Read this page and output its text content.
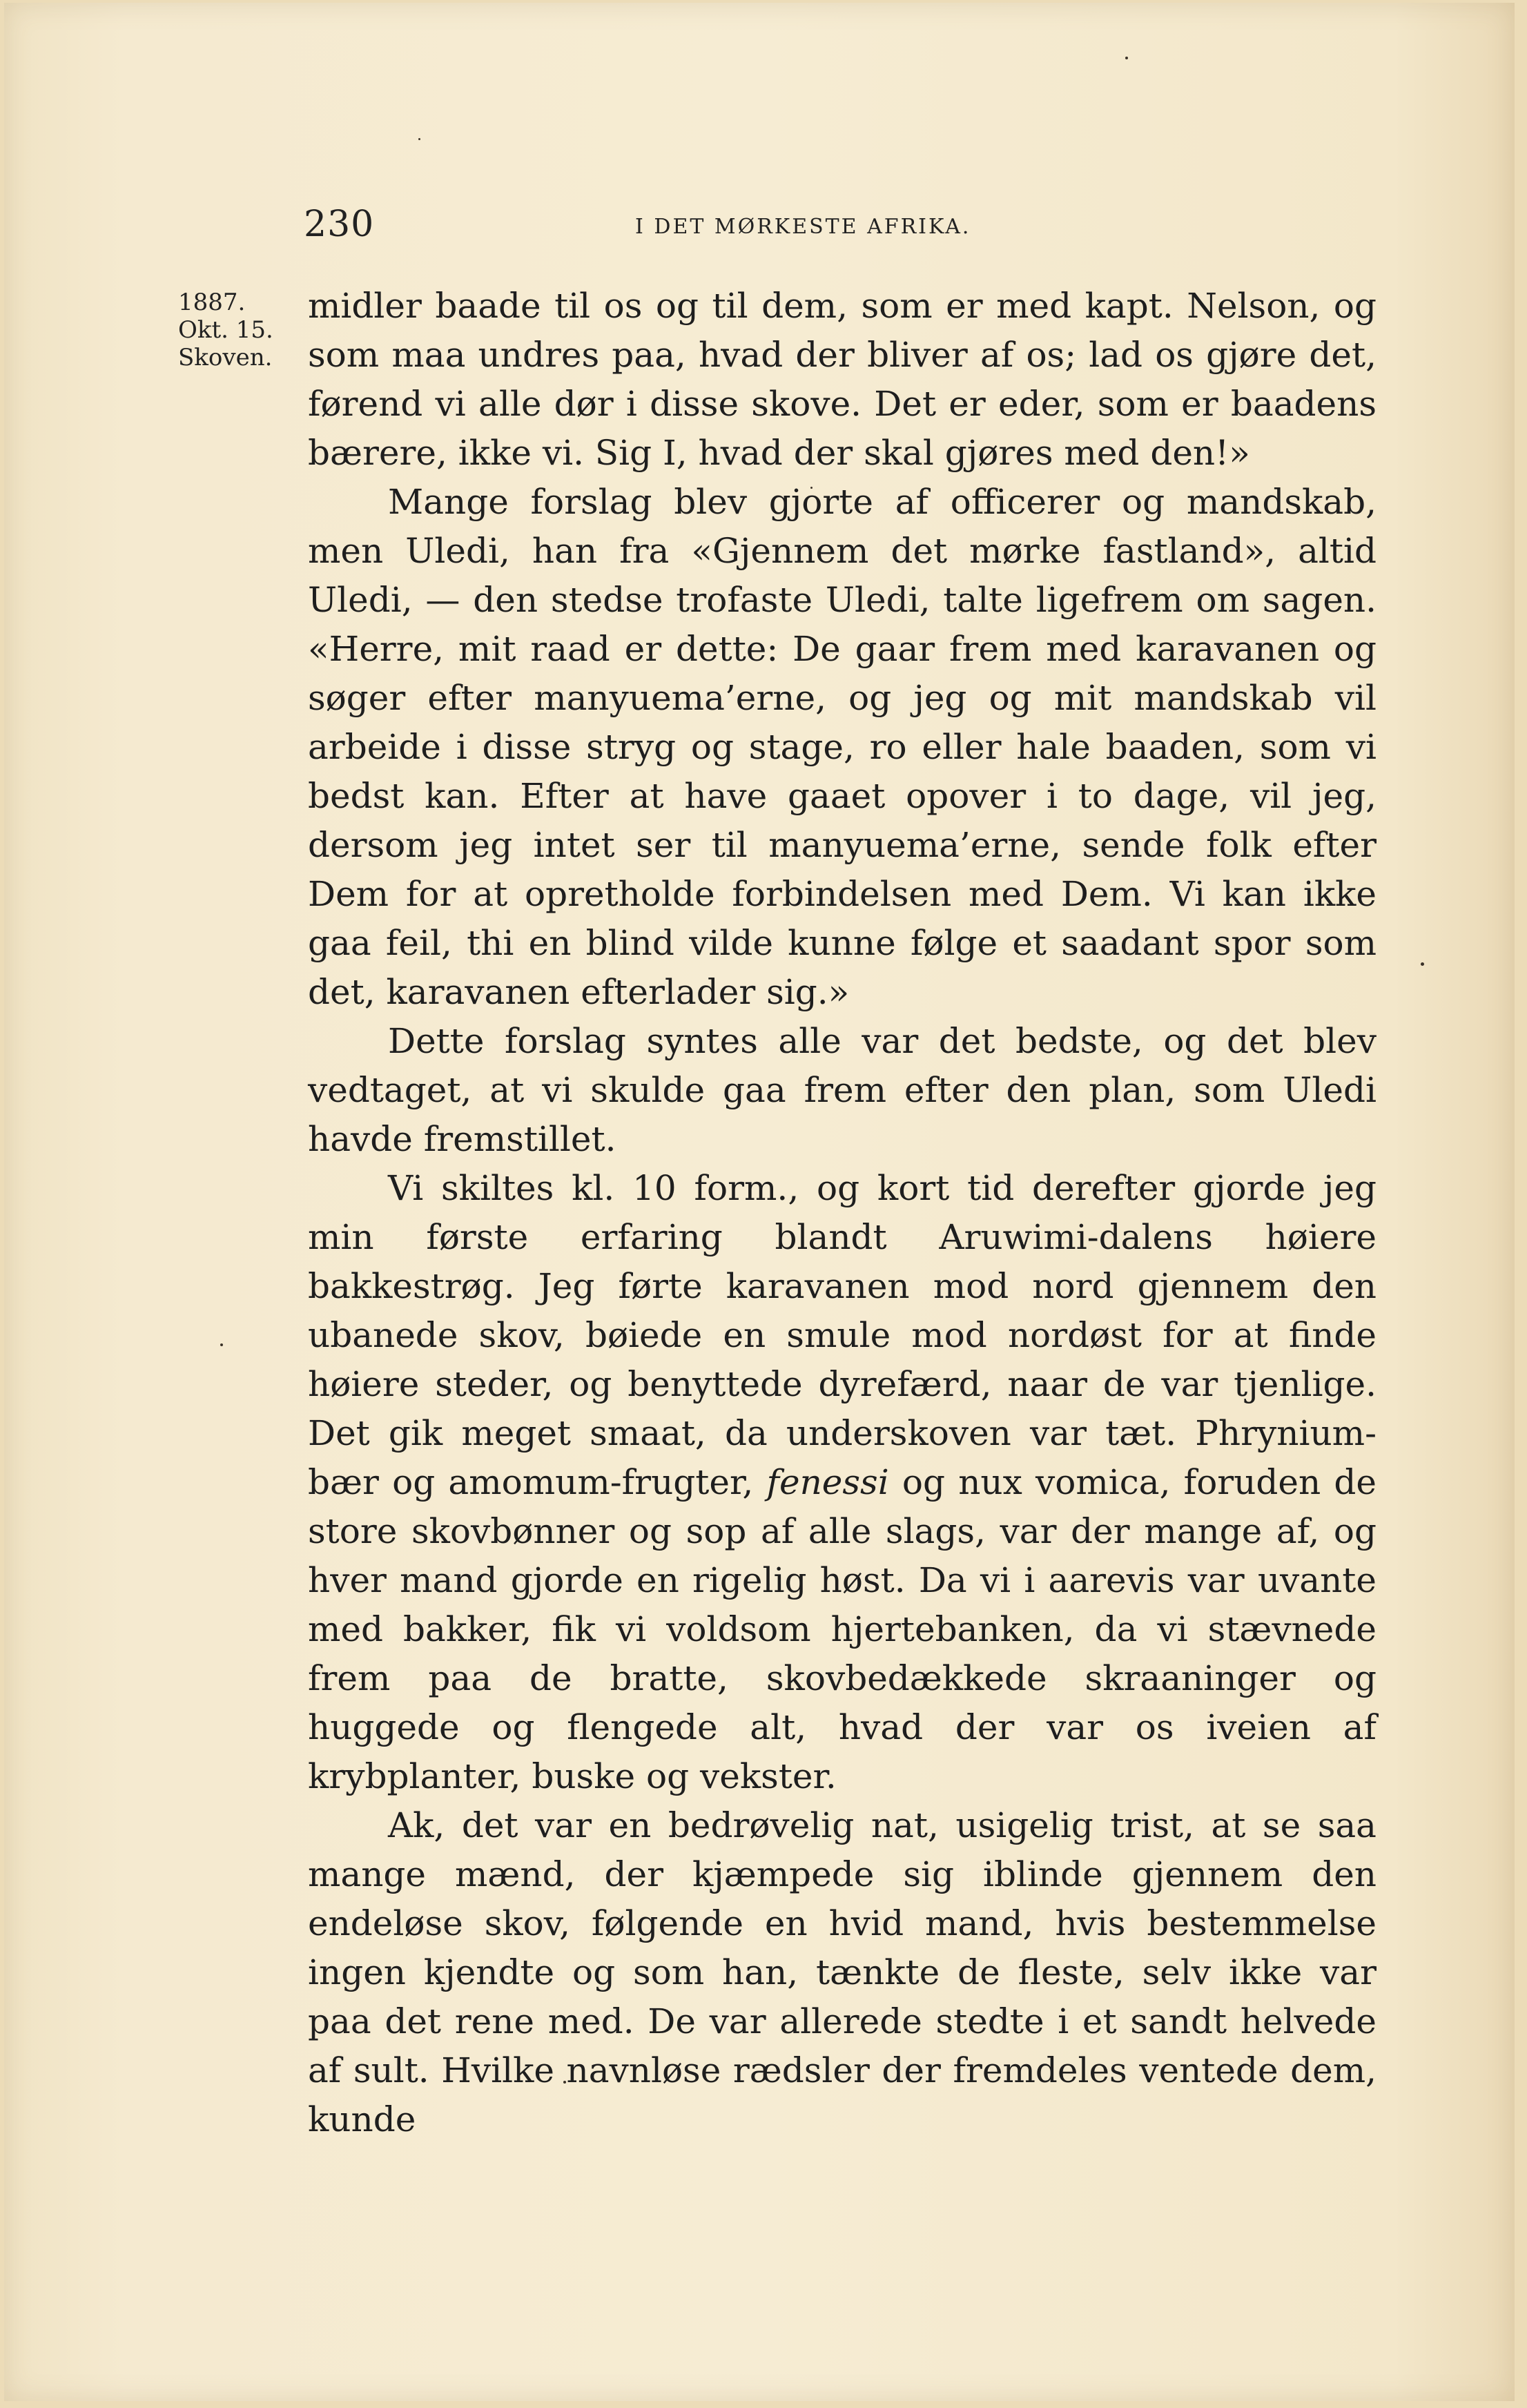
230	I DET MØRKESTE AFRIKA.
1887.
Okt. 15.
Skoven.

midler baade til os og til dem, som er med kapt. Nelson, og som maa undres paa, hvad der bliver af os; lad os gjøre det, førend vi alle dør i disse skove. Det er eder, som er baadens bærere, ikke vi. Sig I, hvad der skal gjøres med den!»

Mange forslag blev gjorte af officerer og mandskab, men Uledi, han fra «Gjennem det mørke fastland», altid Uledi, — den stedse trofaste Uledi, talte ligefrem om sagen. «Herre, mit raad er dette: De gaar frem med karavanen og søger efter manyuema’erne, og jeg og mit mandskab vil arbeide i disse stryg og stage, ro eller hale baaden, som vi bedst kan. Efter at have gaaet opover i to dage, vil jeg, dersom jeg intet ser til manyuema’erne, sende folk efter Dem for at opretholde forbindelsen med Dem. Vi kan ikke gaa feil, thi en blind vilde kunne følge et saadant spor som det, karavanen efterlader sig.»

Dette forslag syntes alle var det bedste, og det blev vedtaget, at vi skulde gaa frem efter den plan, som Uledi havde fremstillet.

Vi skiltes kl. 10 form., og kort tid derefter gjorde jeg min første erfaring blandt Aruwimi-dalens høiere bakkestrøg. Jeg førte karavanen mod nord gjennem den ubanede skov, bøiede en smule mod nordøst for at finde høiere steder, og benyttede dyrefærd, naar de var tjenlige. Det gik meget smaat, da underskoven var tæt. Phrynium-bær og amomum-frugter, fenessi og nux vomica, foruden de store skovbønner og sop af alle slags, var der mange af, og hver mand gjorde en rigelig høst. Da vi i aarevis var uvante med bakker, fik vi voldsom hjertebanken, da vi stævnede frem paa de bratte, skovbedækkede skraaninger og huggede og flengede alt, hvad der var os iveien af krybplanter, buske og vekster.

Ak, det var en bedrøvelig nat, usigelig trist, at se saa mange mænd, der kjæmpede sig iblinde gjennem den endeløse skov, følgende en hvid mand, hvis bestemmelse ingen kjendte og som han, tænkte de fleste, selv ikke var paa det rene med. De var allerede stedte i et sandt helvede af sult. Hvilke navnløse rædsler der fremdeles ventede dem, kunde
